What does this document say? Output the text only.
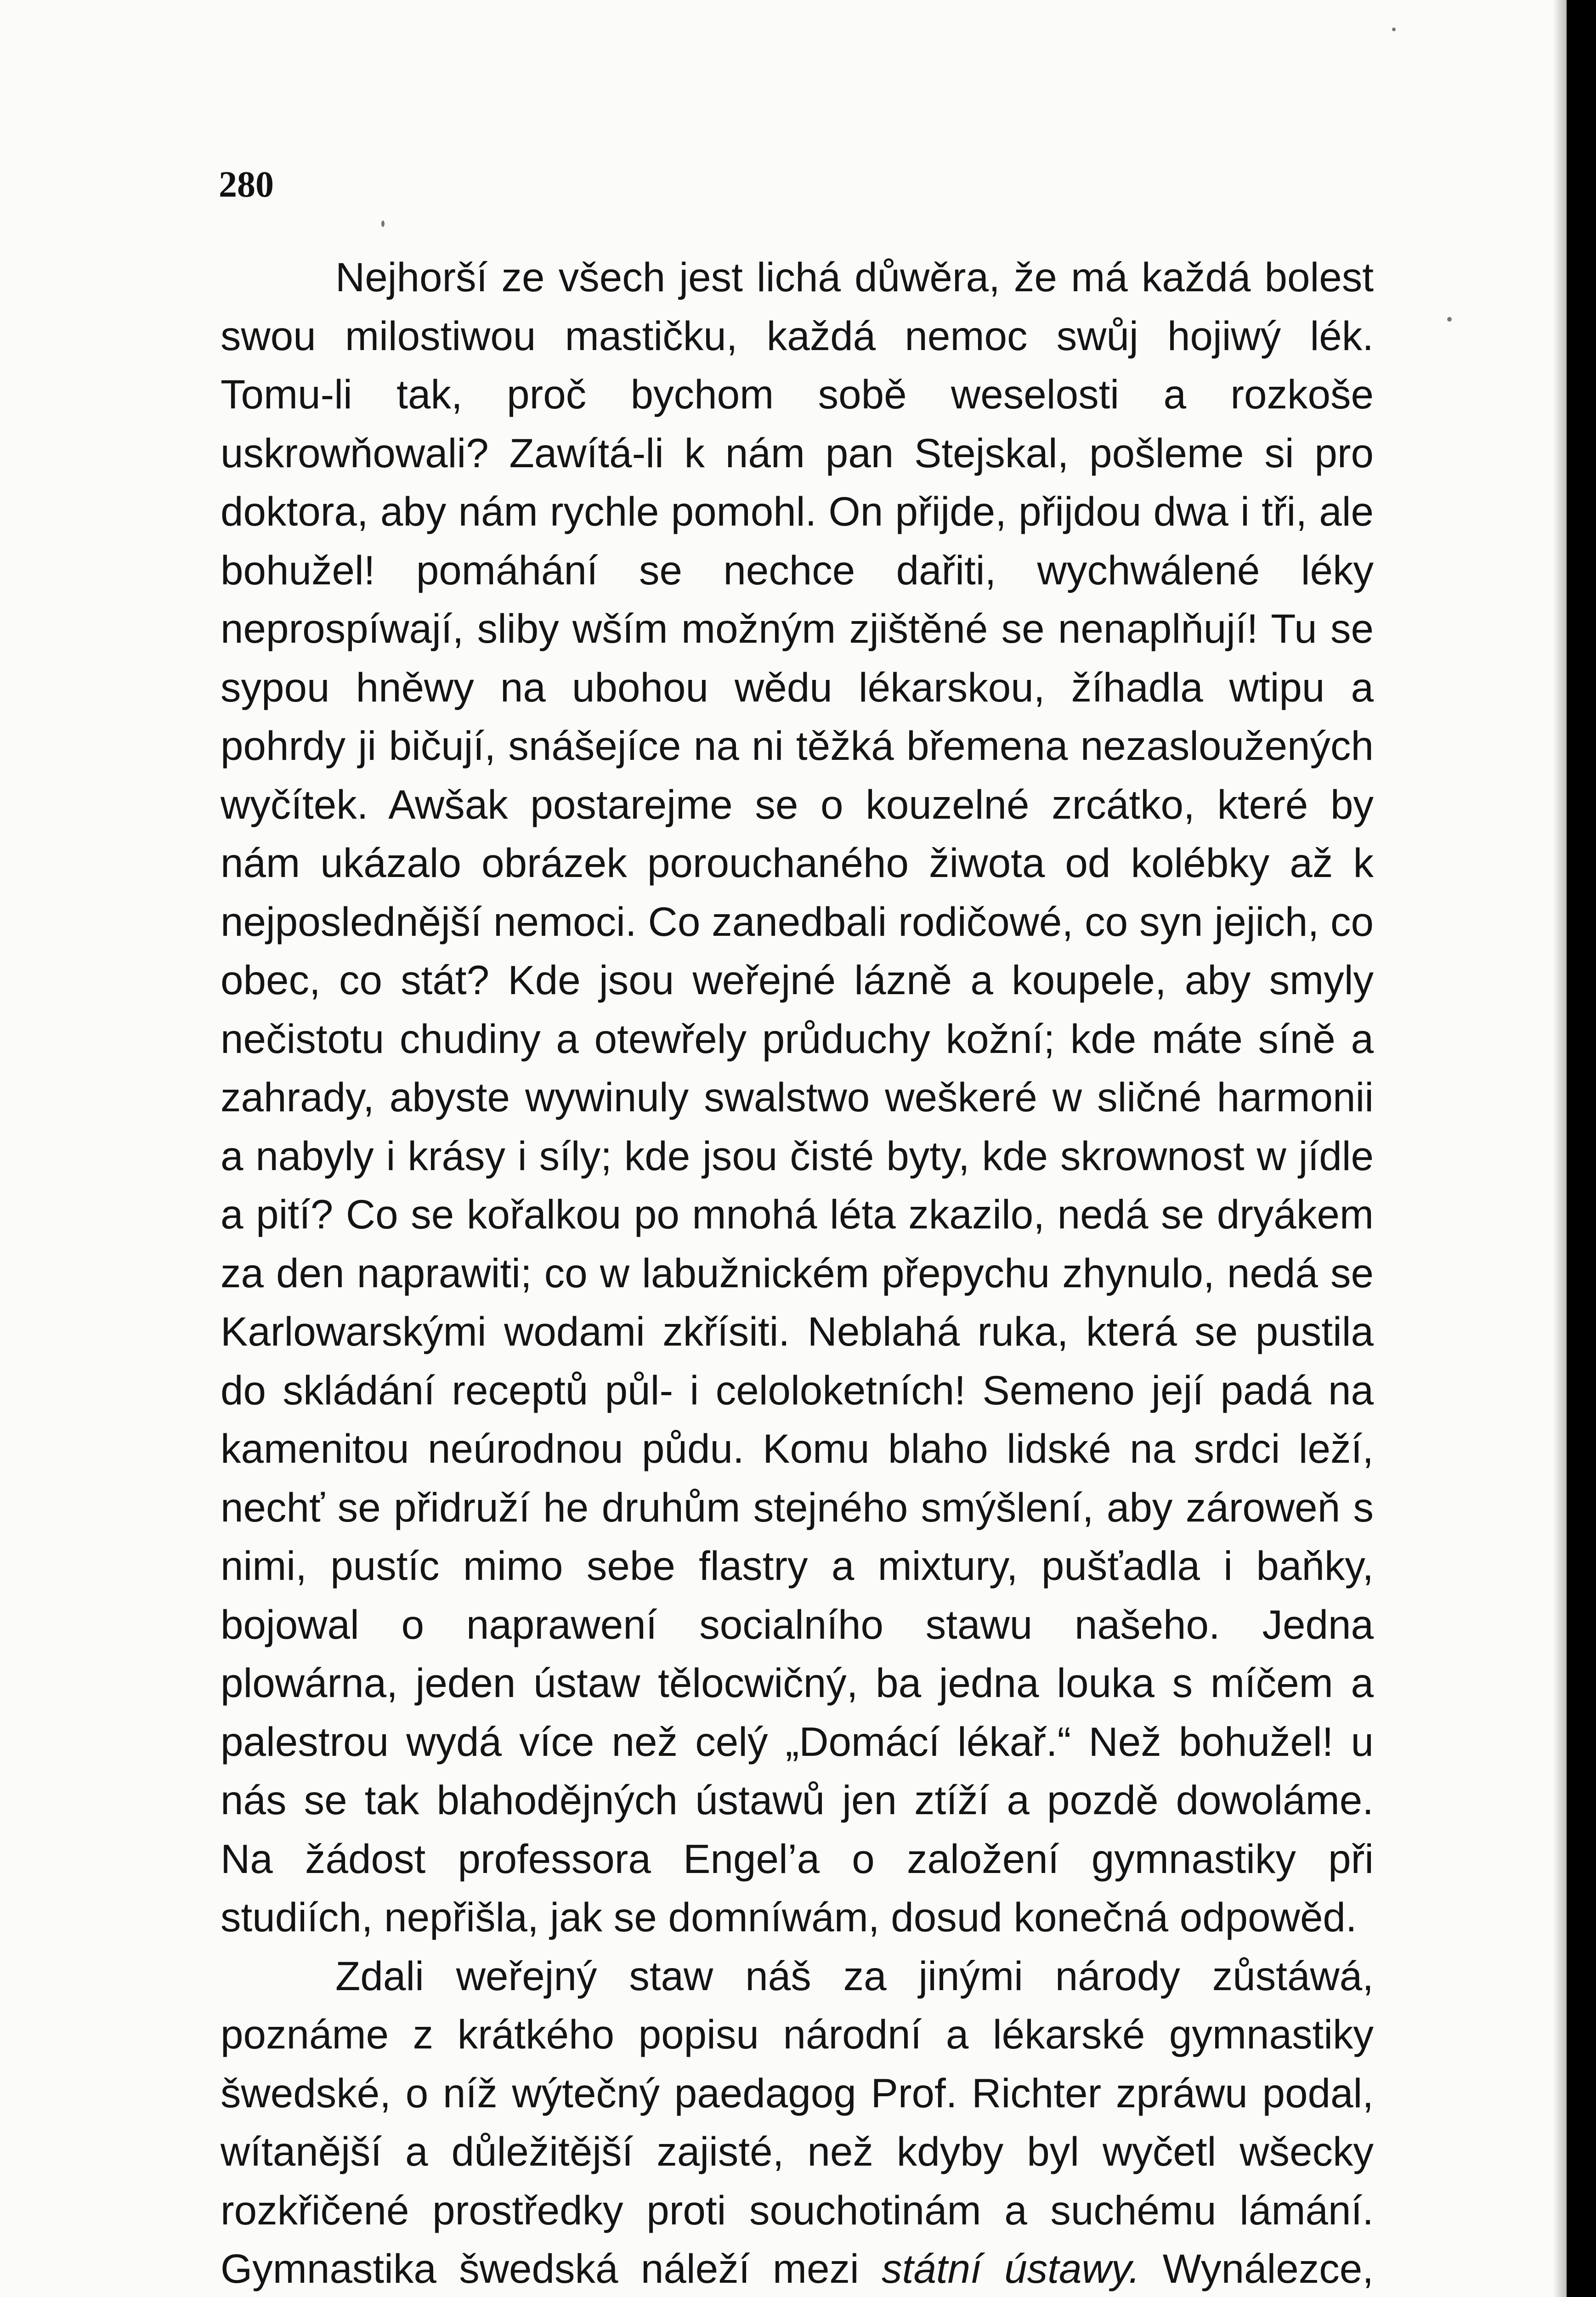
280

Nejhorší ze všech jest lichá důwěra, že má každá bolest swou milostiwou mastičku, každá nemoc swůj hojiwý lék. Tomu-li tak, proč bychom sobě weselosti a rozkoše uskrowňowali? Zawítá-li k nám pan Stejskal, pošleme si pro doktora, aby nám rychle pomohl. On přijde, přijdou dwa i tři, ale bohužel! pomáhání se nechce dařiti, wychwálené léky neprospíwají, sliby wším možným zjištěné se nenaplňují! Tu se sypou hněwy na ubohou wědu lékarskou, žíhadla wtipu a pohrdy ji bičují, snášejíce na ni těžká břemena nezasloužených wyčítek. Awšak postarejme se o kouzelné zrcátko, které by nám ukázalo obrázek porouchaného žiwota od kolébky až k nejposlednější nemoci. Co zanedbali rodičowé, co syn jejich, co obec, co stát? Kde jsou weřejné lázně a koupele, aby smyly nečistotu chudiny a otewřely průduchy kožní; kde máte síně a zahrady, abyste wywinuly swalstwo weškeré w sličné harmonii a nabyly i krásy i síly; kde jsou čisté byty, kde skrownost w jídle a pití? Co se kořalkou po mnohá léta zkazilo, nedá se dryákem za den naprawiti; co w labužnickém přepychu zhynulo, nedá se Karlowarskými wodami zkřísiti. Neblahá ruka, která se pustila do skládání receptů půl- i celoloketních! Semeno její padá na kamenitou neúrodnou půdu. Komu blaho lidské na srdci leží, nechť se přidruží he druhům stejného smýšlení, aby zároweň s nimi, pustíc mimo sebe flastry a mixtury, pušťadla i baňky, bojowal o naprawení socialního stawu našeho. Jedna plowárna, jeden ústaw tělocwičný, ba jedna louka s míčem a palestrou wydá více než celý „Domácí lékař.“ Než bohužel! u nás se tak blahodějných ústawů jen ztíží a pozdě dowoláme. Na žádost professora Engel’a o založení gymnastiky při studiích, nepřišla, jak se domníwám, dosud konečná odpowěd.

Zdali weřejný staw náš za jinými národy zůstáwá, poznáme z krátkého popisu národní a lékarské gymnastiky šwedské, o níž wýtečný paedagog Prof. Richter zpráwu podal, wítanější a důležitější zajisté, než kdyby byl wyčetl wšecky rozkřičené prostředky proti souchotinám a suchému lámání. Gymnastika šwedská náleží mezi státní ústawy. Wynálezce,
